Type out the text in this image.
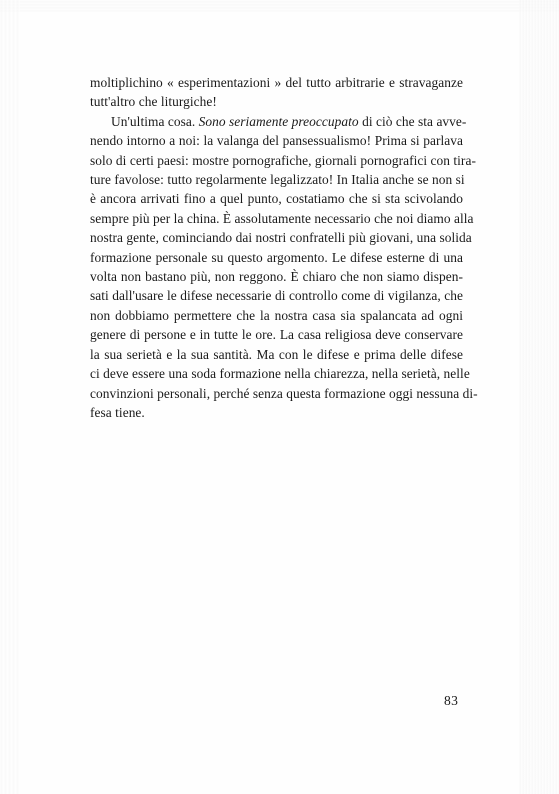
moltiplichino « esperimentazioni » del tutto arbitrarie e stravaganze
tutt'altro che liturgiche!

Un'ultima cosa. Sono seriamente preoccupato di ciò che sta avve-
nendo intorno a noi: la valanga del pansessualismo! Prima si parlava
solo di certi paesi: mostre pornografiche, giornali pornografici con tira-
ture favolose: tutto regolarmente legalizzato! In Italia anche se non si
è ancora arrivati fino a quel punto, costatiamo che si sta scivolando
sempre più per la china. È assolutamente necessario che noi diamo alla
nostra gente, cominciando dai nostri confratelli più giovani, una solida
formazione personale su questo argomento. Le difese esterne di una
volta non bastano più, non reggono. È chiaro che non siamo dispen-
sati dall'usare le difese necessarie di controllo come di vigilanza, che
non dobbiamo permettere che la nostra casa sia spalancata ad ogni
genere di persone e in tutte le ore. La casa religiosa deve conservare
la sua serietà e la sua santità. Ma con le difese e prima delle difese
ci deve essere una soda formazione nella chiarezza, nella serietà, nelle
convinzioni personali, perché senza questa formazione oggi nessuna di-
fesa tiene.

83
